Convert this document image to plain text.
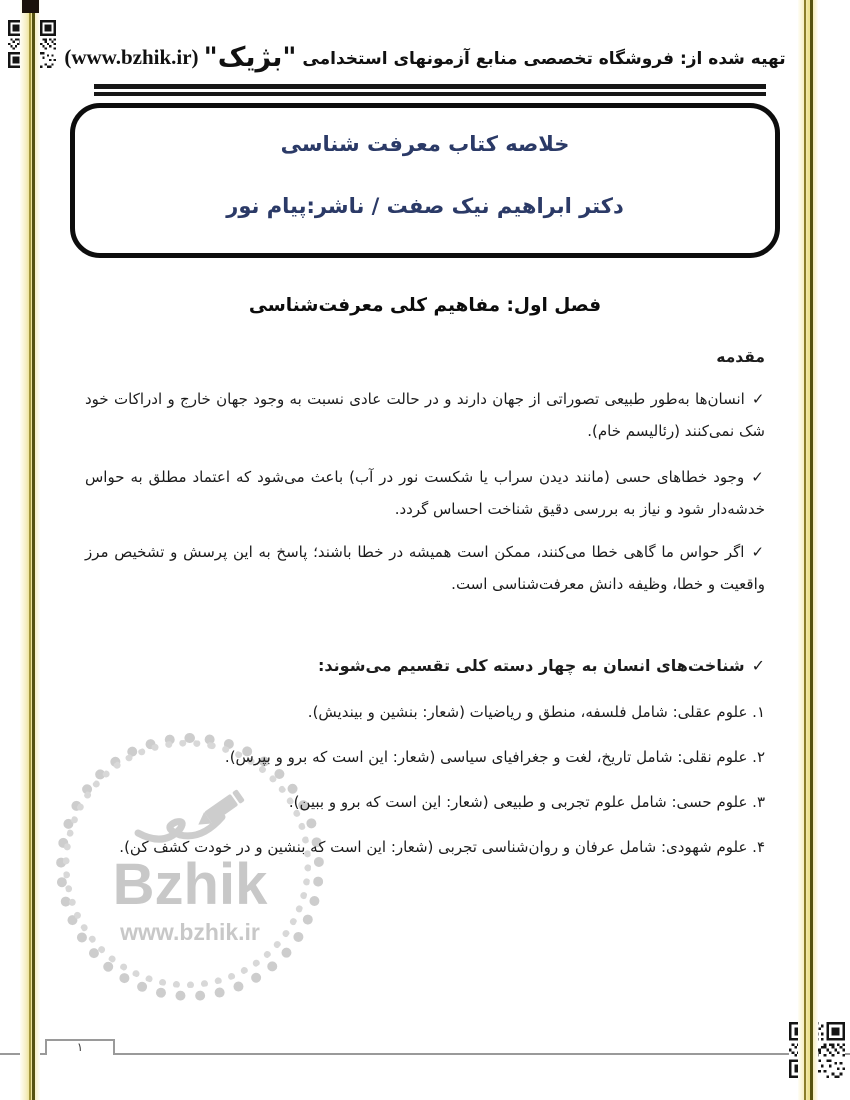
تهیه شده از: فروشگاه تخصصی منابع آزمونهای استخدامی "بژیک" (www.bzhik.ir)
خلاصه کتاب معرفت شناسی
دکتر ابراهیم نیک صفت / ناشر:پیام نور
فصل اول: مفاهیم کلی معرفت‌شناسی
Bzhik
www.bzhik.ir
مقدمه

✓انسان‌ها به‌طور طبیعی تصوراتی از جهان دارند و در حالت عادی نسبت به وجود جهان خارج و ادراکات خود شک نمی‌کنند (رئالیسم خام).

✓وجود خطاهای حسی (مانند دیدن سراب یا شکست نور در آب) باعث می‌شود که اعتماد مطلق به حواس خدشه‌دار شود و نیاز به بررسی دقیق شناخت احساس گردد.

✓اگر حواس ما گاهی خطا می‌کنند، ممکن است همیشه در خطا باشند؛ پاسخ به این پرسش و تشخیص مرز واقعیت و خطا، وظیفه دانش معرفت‌شناسی است.

✓شناخت‌های انسان به چهار دسته کلی تقسیم می‌شوند:
۱. علوم عقلی: شامل فلسفه، منطق و ریاضیات (شعار: بنشین و بیندیش).
۲. علوم نقلی: شامل تاریخ، لغت و جغرافیای سیاسی (شعار: این است که برو و بپرس).
۳. علوم حسی: شامل علوم تجربی و طبیعی (شعار: این است که برو و ببین).
۴. علوم شهودی: شامل عرفان و روان‌شناسی تجربی (شعار: این است که بنشین و در خودت کشف کن).
۱
